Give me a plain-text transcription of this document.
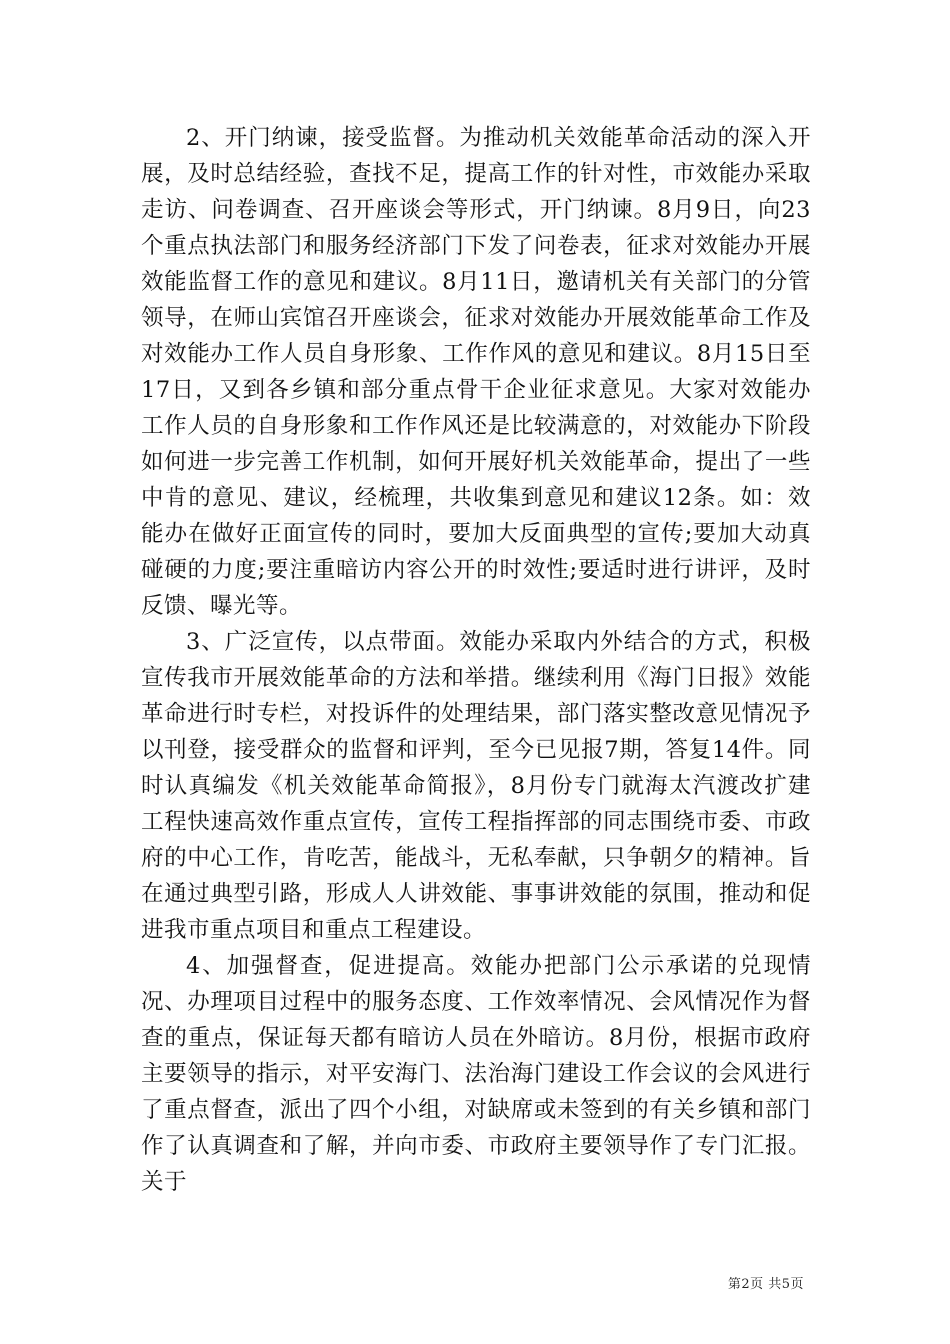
2、开门纳谏，接受监督。为推动机关效能革命活动的深入开展，及时总结经验，查找不足，提高工作的针对性，市效能办采取走访、问卷调查、召开座谈会等形式，开门纳谏。8月9日，向23个重点执法部门和服务经济部门下发了问卷表，征求对效能办开展效能监督工作的意见和建议。8月11日，邀请机关有关部门的分管领导，在师山宾馆召开座谈会，征求对效能办开展效能革命工作及对效能办工作人员自身形象、工作作风的意见和建议。8月15日至17日，又到各乡镇和部分重点骨干企业征求意见。大家对效能办工作人员的自身形象和工作作风还是比较满意的，对效能办下阶段如何进一步完善工作机制，如何开展好机关效能革命，提出了一些中肯的意见、建议，经梳理，共收集到意见和建议12条。如：效能办在做好正面宣传的同时，要加大反面典型的宣传;要加大动真碰硬的力度;要注重暗访内容公开的时效性;要适时进行讲评，及时反馈、曝光等。

3、广泛宣传，以点带面。效能办采取内外结合的方式，积极宣传我市开展效能革命的方法和举措。继续利用《海门日报》效能革命进行时专栏，对投诉件的处理结果，部门落实整改意见情况予以刊登，接受群众的监督和评判，至今已见报7期，答复14件。同时认真编发《机关效能革命简报》，8月份专门就海太汽渡改扩建工程快速高效作重点宣传，宣传工程指挥部的同志围绕市委、市政府的中心工作，肯吃苦，能战斗，无私奉献，只争朝夕的精神。旨在通过典型引路，形成人人讲效能、事事讲效能的氛围，推动和促进我市重点项目和重点工程建设。

4、加强督查，促进提高。效能办把部门公示承诺的兑现情况、办理项目过程中的服务态度、工作效率情况、会风情况作为督查的重点，保证每天都有暗访人员在外暗访。8月份，根据市政府主要领导的指示，对平安海门、法治海门建设工作会议的会风进行了重点督查，派出了四个小组，对缺席或未签到的有关乡镇和部门作了认真调查和了解，并向市委、市政府主要领导作了专门汇报。关于

第2页 共5页
